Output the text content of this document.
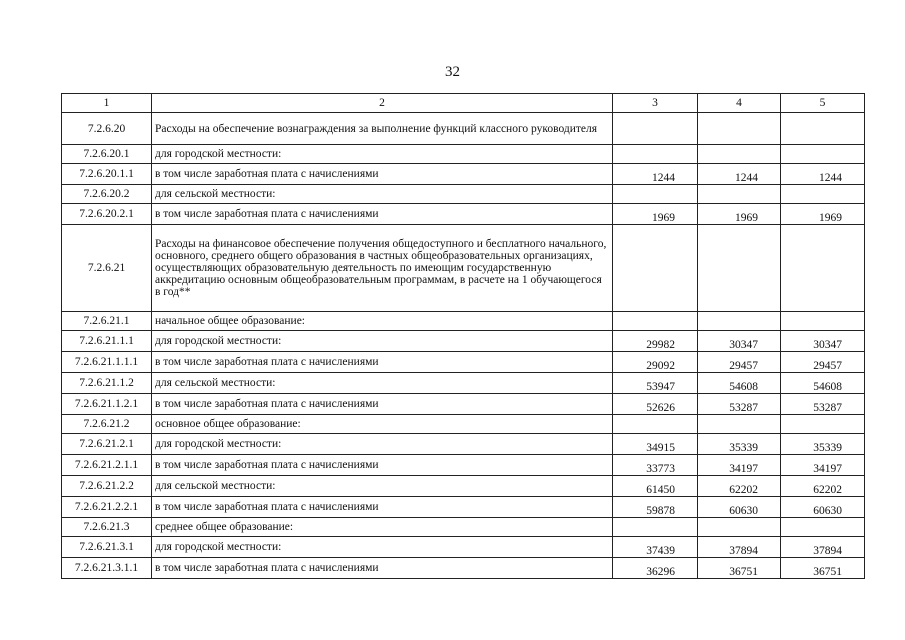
32
1	2	3	4	5
7.2.6.20	Расходы на обеспечение вознаграждения за выполнение функций классного руководителя			
7.2.6.20.1	для городской местности:			
7.2.6.20.1.1	в том числе заработная плата с начислениями	1244	1244	1244
7.2.6.20.2	для сельской местности:			
7.2.6.20.2.1	в том числе заработная плата с начислениями	1969	1969	1969
7.2.6.21	Расходы на финансовое обеспечение получения общедоступного и бесплатного начального, основного, среднего общего образования в частных общеобразовательных организациях, осуществляющих образовательную деятельность по имеющим государственную аккредитацию основным общеобразовательным программам, в расчете на 1 обучающегося в год**			
7.2.6.21.1	начальное общее образование:			
7.2.6.21.1.1	для городской местности:	29982	30347	30347
7.2.6.21.1.1.1	в том числе заработная плата с начислениями	29092	29457	29457
7.2.6.21.1.2	для сельской местности:	53947	54608	54608
7.2.6.21.1.2.1	в том числе заработная плата с начислениями	52626	53287	53287
7.2.6.21.2	основное общее образование:			
7.2.6.21.2.1	для городской местности:	34915	35339	35339
7.2.6.21.2.1.1	в том числе заработная плата с начислениями	33773	34197	34197
7.2.6.21.2.2	для сельской местности:	61450	62202	62202
7.2.6.21.2.2.1	в том числе заработная плата с начислениями	59878	60630	60630
7.2.6.21.3	среднее общее образование:			
7.2.6.21.3.1	для городской местности:	37439	37894	37894
7.2.6.21.3.1.1	в том числе заработная плата с начислениями	36296	36751	36751
